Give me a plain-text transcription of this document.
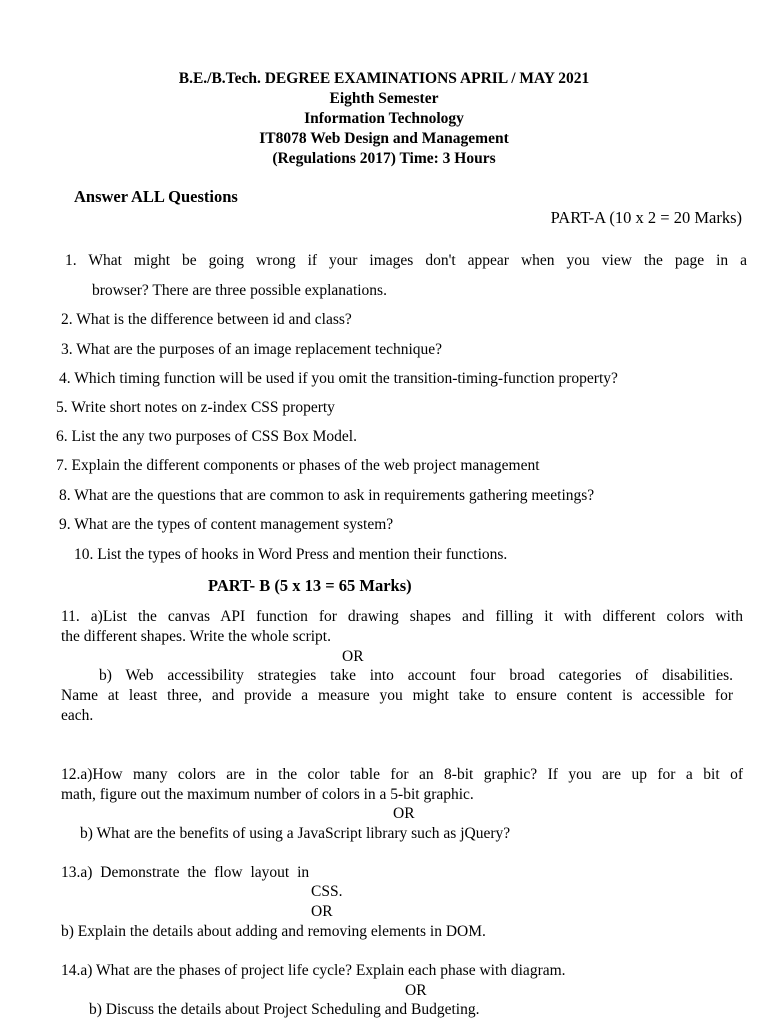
B.E./B.Tech. DEGREE EXAMINATIONS APRIL / MAY 2021
Eighth Semester
Information Technology
IT8078 Web Design and Management
(Regulations 2017) Time: 3 Hours
Answer ALL Questions
PART-A (10 x 2 = 20 Marks)
1. What might be going wrong if your images don't appear when you view the page in a
browser? There are three possible explanations.
2. What is the difference between id and class?
3. What are the purposes of an image replacement technique?
4. Which timing function will be used if you omit the transition-timing-function property?
5. Write short notes on z-index CSS property
6. List the any two purposes of CSS Box Model.
7. Explain the different components or phases of the web project management
8. What are the questions that are common to ask in requirements gathering meetings?
9. What are the types of content management system?
10. List the types of hooks in Word Press and mention their functions.
PART- B (5 x 13 = 65 Marks)
11. a)List the canvas API function for drawing shapes and filling it with different colors with
the different shapes. Write the whole script.
OR
b) Web accessibility strategies take into account four broad categories of disabilities.
Name at least three, and provide a measure you might take to ensure content is accessible for
each.
12.a)How many colors are in the color table for an 8-bit graphic? If you are up for a bit of
math, figure out the maximum number of colors in a 5-bit graphic.
OR
b) What are the benefits of using a JavaScript library such as jQuery?
13.a) Demonstrate the flow layout in
CSS.
OR
b) Explain the details about adding and removing elements in DOM.
14.a) What are the phases of project life cycle? Explain each phase with diagram.
OR
b) Discuss the details about Project Scheduling and Budgeting.
